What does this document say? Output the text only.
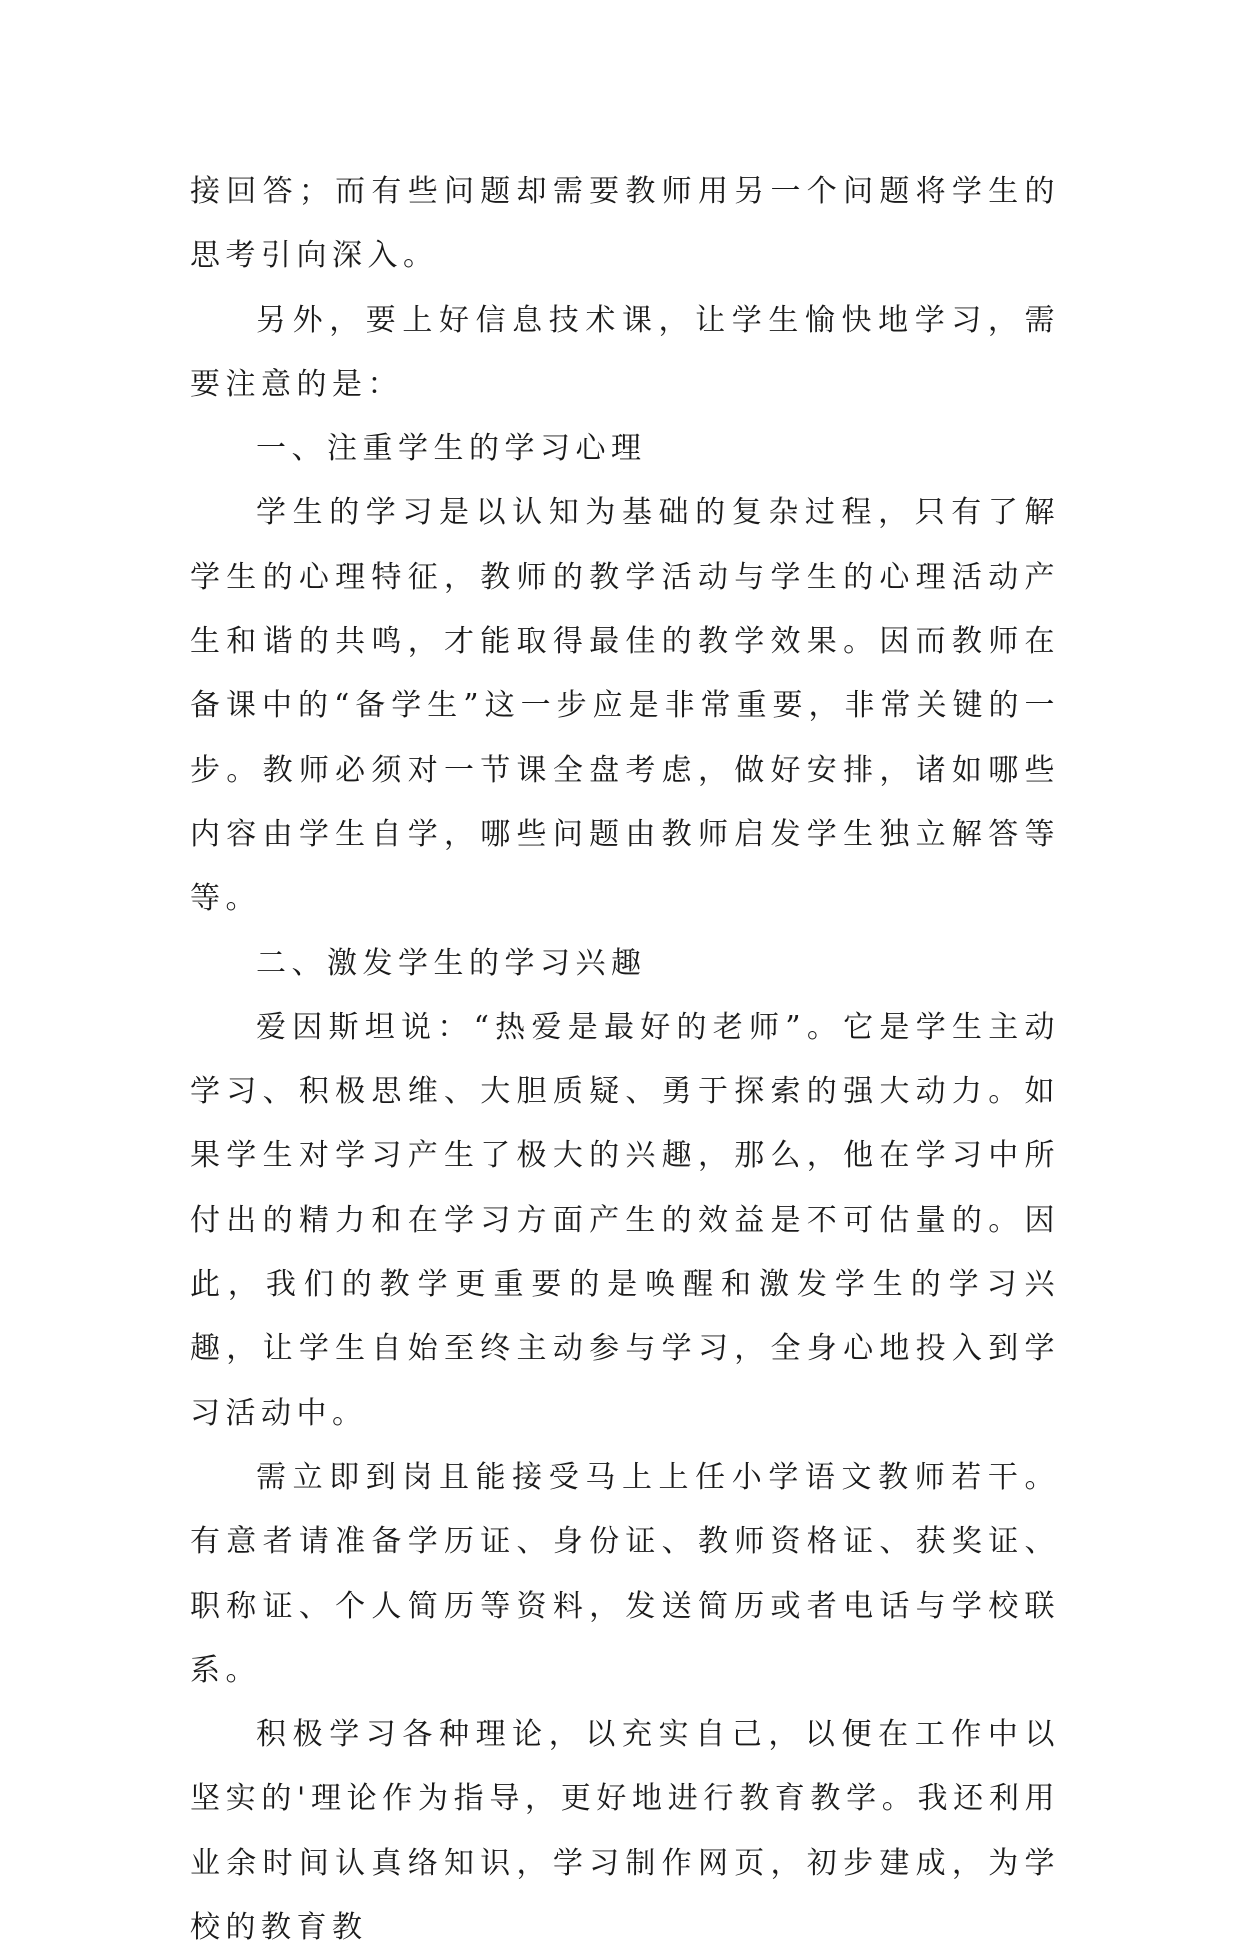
接回答；而有些问题却需要教师用另一个问题将学生的思考引向深入。

另外，要上好信息技术课，让学生愉快地学习，需要注意的是：

一、注重学生的学习心理

学生的学习是以认知为基础的复杂过程，只有了解学生的心理特征，教师的教学活动与学生的心理活动产生和谐的共鸣，才能取得最佳的教学效果。因而教师在备课中的“备学生”这一步应是非常重要，非常关键的一步。教师必须对一节课全盘考虑，做好安排，诸如哪些内容由学生自学，哪些问题由教师启发学生独立解答等等。

二、激发学生的学习兴趣

爱因斯坦说：“热爱是最好的老师”。它是学生主动学习、积极思维、大胆质疑、勇于探索的强大动力。如果学生对学习产生了极大的兴趣，那么，他在学习中所付出的精力和在学习方面产生的效益是不可估量的。因此，我们的教学更重要的是唤醒和激发学生的学习兴趣，让学生自始至终主动参与学习，全身心地投入到学习活动中。

需立即到岗且能接受马上上任小学语文教师若干。有意者请准备学历证、身份证、教师资格证、获奖证、职称证、个人简历等资料，发送简历或者电话与学校联系。

积极学习各种理论，以充实自己，以便在工作中以坚实的'理论作为指导，更好地进行教育教学。我还利用业余时间认真络知识，学习制作网页，初步建成，为学校的教育教
